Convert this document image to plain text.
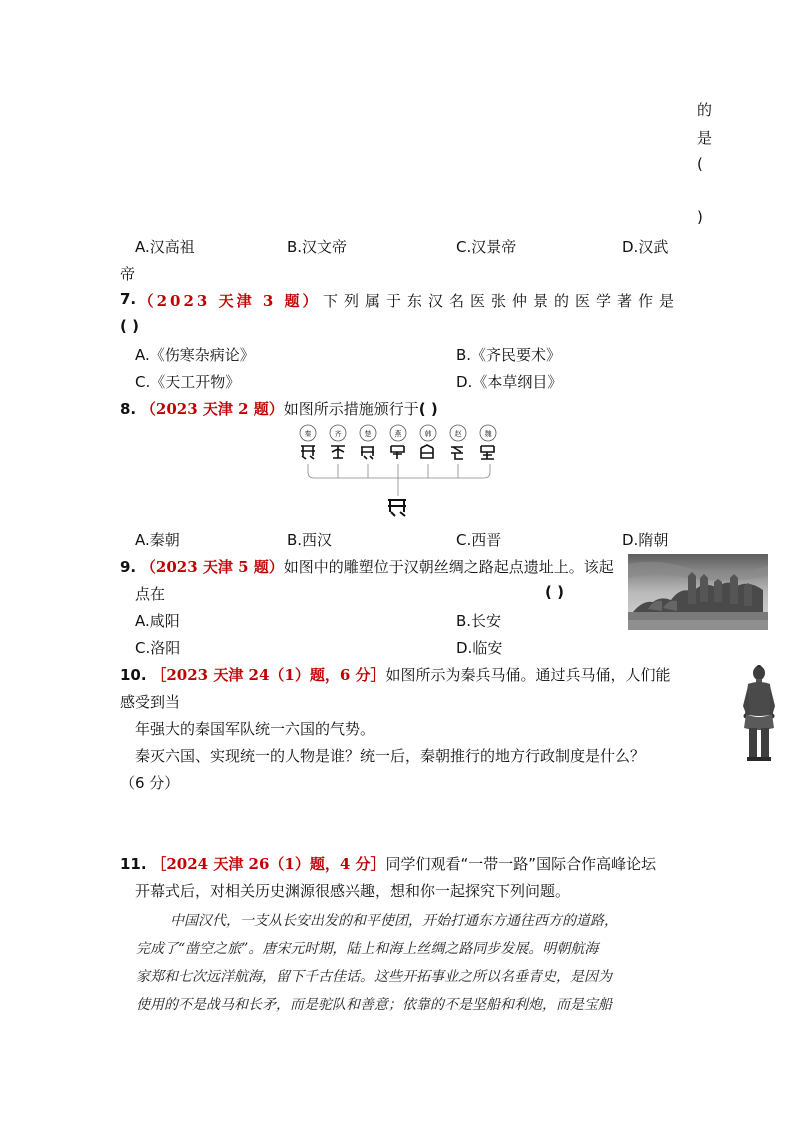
的
是
(
)
A.汉高祖	B.汉文帝	C.汉景帝	D.汉武
帝
7. （2023 天津 3 题） 下列属于东汉名医张仲景的医学著作是
( )
A.《伤寒杂病论》	B.《齐民要术》
C.《天工开物》	D.《本草纲目》
8. （2023 天津 2 题）如图所示措施颁行于( )
秦	齐	楚	燕	韩	赵	魏
A.秦朝	B.西汉	C.西晋	D.隋朝
9. （2023 天津 5 题）如图中的雕塑位于汉朝丝绸之路起点遗址上。该起
点在	( )
A.咸阳	B.长安
C.洛阳	D.临安
10. ［2023 天津 24（1）题，6 分］如图所示为秦兵马俑。通过兵马俑，人们能
感受到当
年强大的秦国军队统一六国的气势。
秦灭六国、实现统一的人物是谁？统一后，秦朝推行的地方行政制度是什么？
（6 分）
11. ［2024 天津 26（1）题，4 分］同学们观看“一带一路”国际合作高峰论坛
开幕式后，对相关历史渊源很感兴趣，想和你一起探究下列问题。
中国汉代，一支从长安出发的和平使团，开始打通东方通往西方的道路，
完成了“凿空之旅”。唐宋元时期，陆上和海上丝绸之路同步发展。明朝航海
家郑和七次远洋航海，留下千古佳话。这些开拓事业之所以名垂青史，是因为
使用的不是战马和长矛，而是驼队和善意；依靠的不是坚船和利炮，而是宝船
